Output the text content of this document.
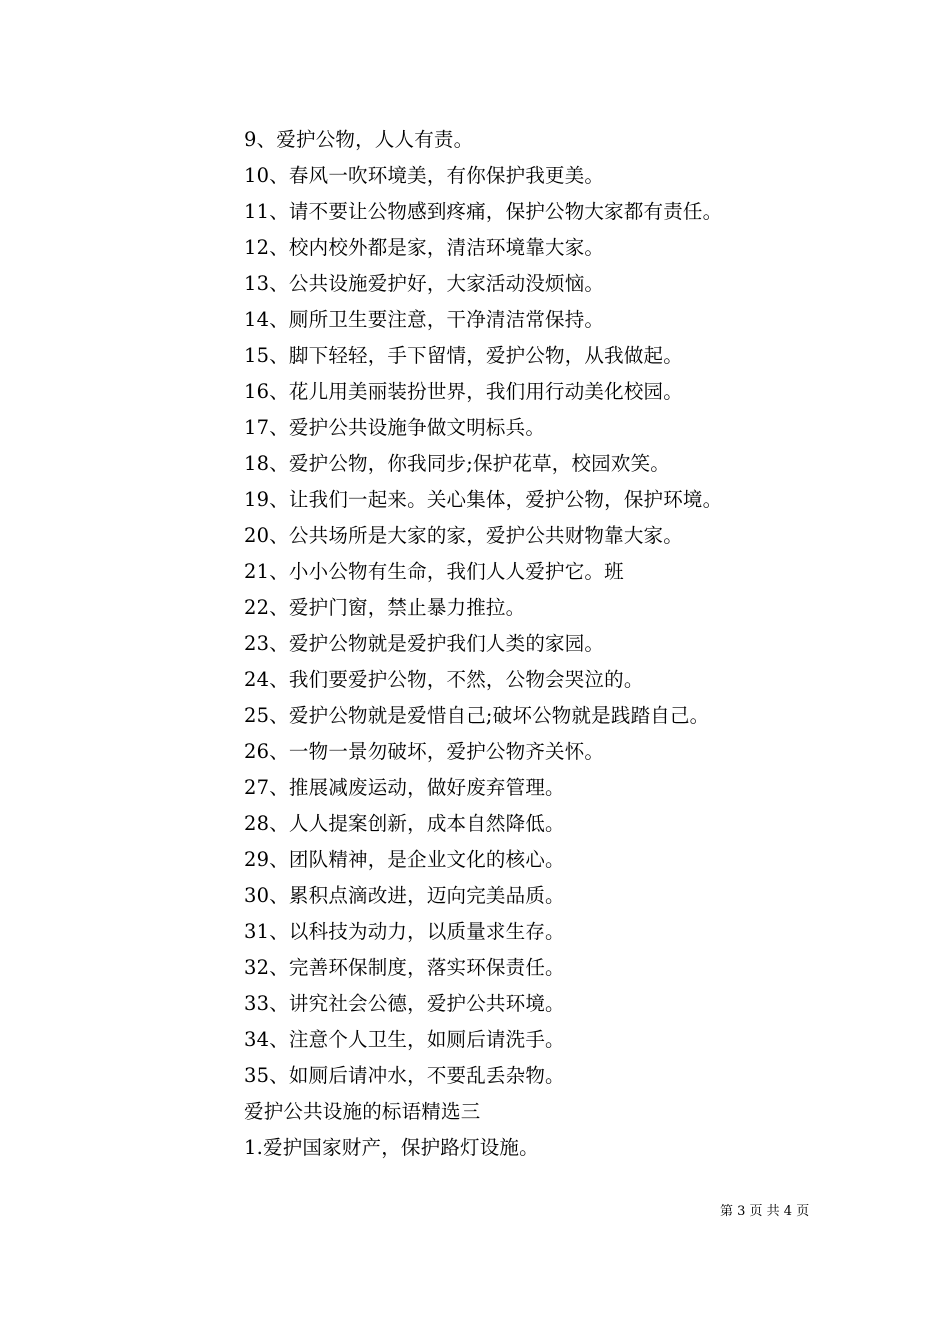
9、爱护公物，人人有责。
10、春风一吹环境美，有你保护我更美。
11、请不要让公物感到疼痛，保护公物大家都有责任。
12、校内校外都是家，清洁环境靠大家。
13、公共设施爱护好，大家活动没烦恼。
14、厕所卫生要注意，干净清洁常保持。
15、脚下轻轻，手下留情，爱护公物，从我做起。
16、花儿用美丽装扮世界，我们用行动美化校园。
17、爱护公共设施争做文明标兵。
18、爱护公物，你我同步;保护花草，校园欢笑。
19、让我们一起来。关心集体，爱护公物，保护环境。
20、公共场所是大家的家，爱护公共财物靠大家。
21、小小公物有生命，我们人人爱护它。班
22、爱护门窗，禁止暴力推拉。
23、爱护公物就是爱护我们人类的家园。
24、我们要爱护公物，不然，公物会哭泣的。
25、爱护公物就是爱惜自己;破坏公物就是践踏自己。
26、一物一景勿破坏，爱护公物齐关怀。
27、推展减废运动，做好废弃管理。
28、人人提案创新，成本自然降低。
29、团队精神，是企业文化的核心。
30、累积点滴改进，迈向完美品质。
31、以科技为动力，以质量求生存。
32、完善环保制度，落实环保责任。
33、讲究社会公德，爱护公共环境。
34、注意个人卫生，如厕后请洗手。
35、如厕后请冲水，不要乱丢杂物。
爱护公共设施的标语精选三
1.爱护国家财产，保护路灯设施。
第 3 页 共 4 页
